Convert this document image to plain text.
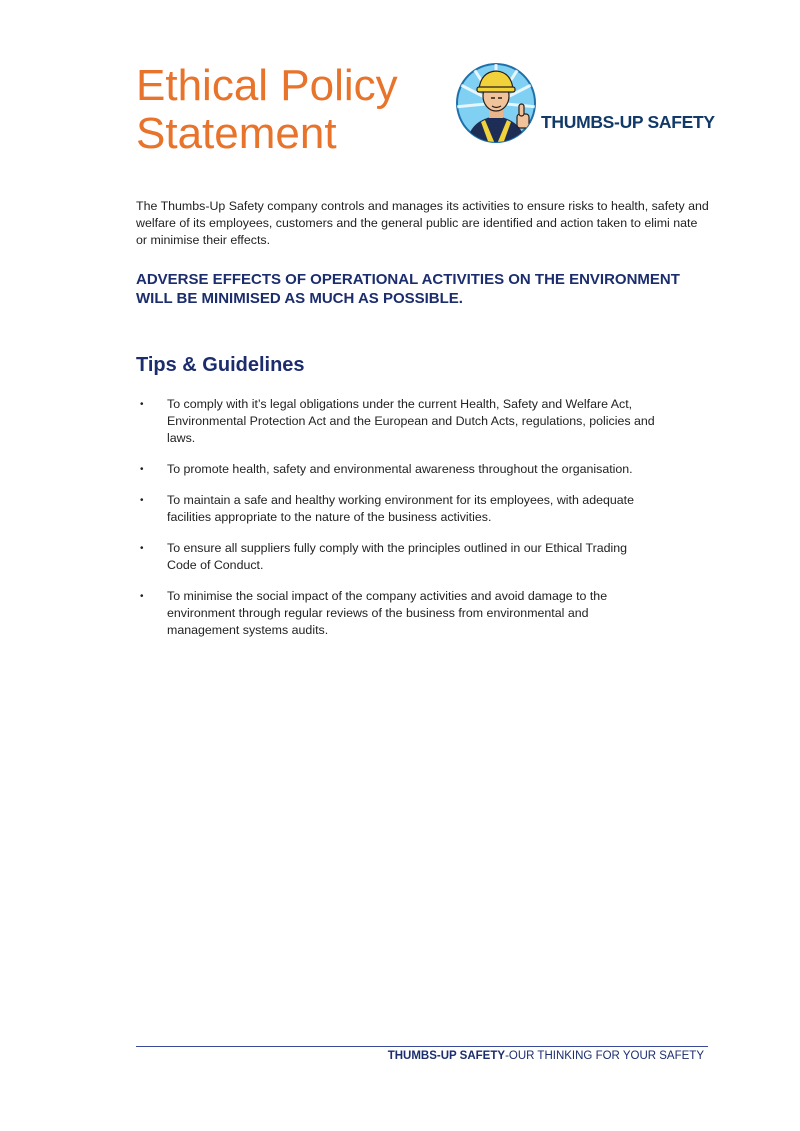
Ethical Policy
Statement	THUMBS-UP SAFETY

The Thumbs-Up Safety company controls and manages its activities to ensure risks to health, safety and welfare of its employees, customers and the general public are identified and action taken to elimi nate or minimise their effects.

ADVERSE EFFECTS OF OPERATIONAL ACTIVITIES ON THE ENVIRONMENT WILL BE MINIMISED AS MUCH AS POSSIBLE.

Tips & Guidelines
• To comply with it’s legal obligations under the current Health, Safety and Welfare Act, Environmental Protection Act and the European and Dutch Acts, regulations, policies and laws.
• To promote health, safety and environmental awareness throughout the organisation.
• To maintain a safe and healthy working environment for its employees, with adequate facilities appropriate to the nature of the business activities.
• To ensure all suppliers fully comply with the principles outlined in our Ethical Trading Code of Conduct.
• To minimise the social impact of the company activities and avoid damage to the environment through regular reviews of the business from environmental and management systems audits.
THUMBS-UP SAFETY-OUR THINKING FOR YOUR SAFETY
